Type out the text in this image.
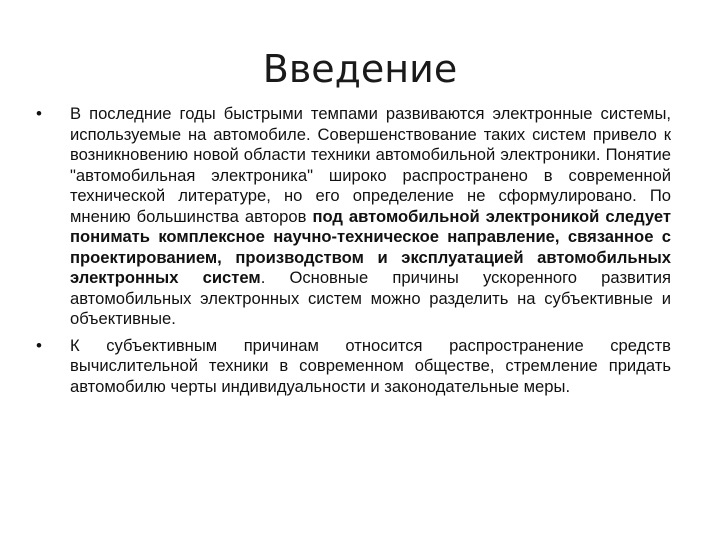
Введение
• В последние годы быстрыми темпами развиваются электронные системы, используемые на автомобиле. Совершенствование таких систем привело к возникновению новой области техники автомобильной электроники. Понятие "автомобильная электроника" широко распространено в современной технической литературе, но его определение не сформулировано. По мнению большинства авторов под автомобильной электроникой следует понимать комплексное научно-техническое направление, связанное с проектированием, производством и эксплуатацией автомобильных электронных систем. Основные причины ускоренного развития автомобильных электронных систем можно разделить на субъективные и объективные.
• К субъективным причинам относится распространение средств вычислительной техники в современном обществе, стремление придать автомобилю черты индивидуальности и законодательные меры.
